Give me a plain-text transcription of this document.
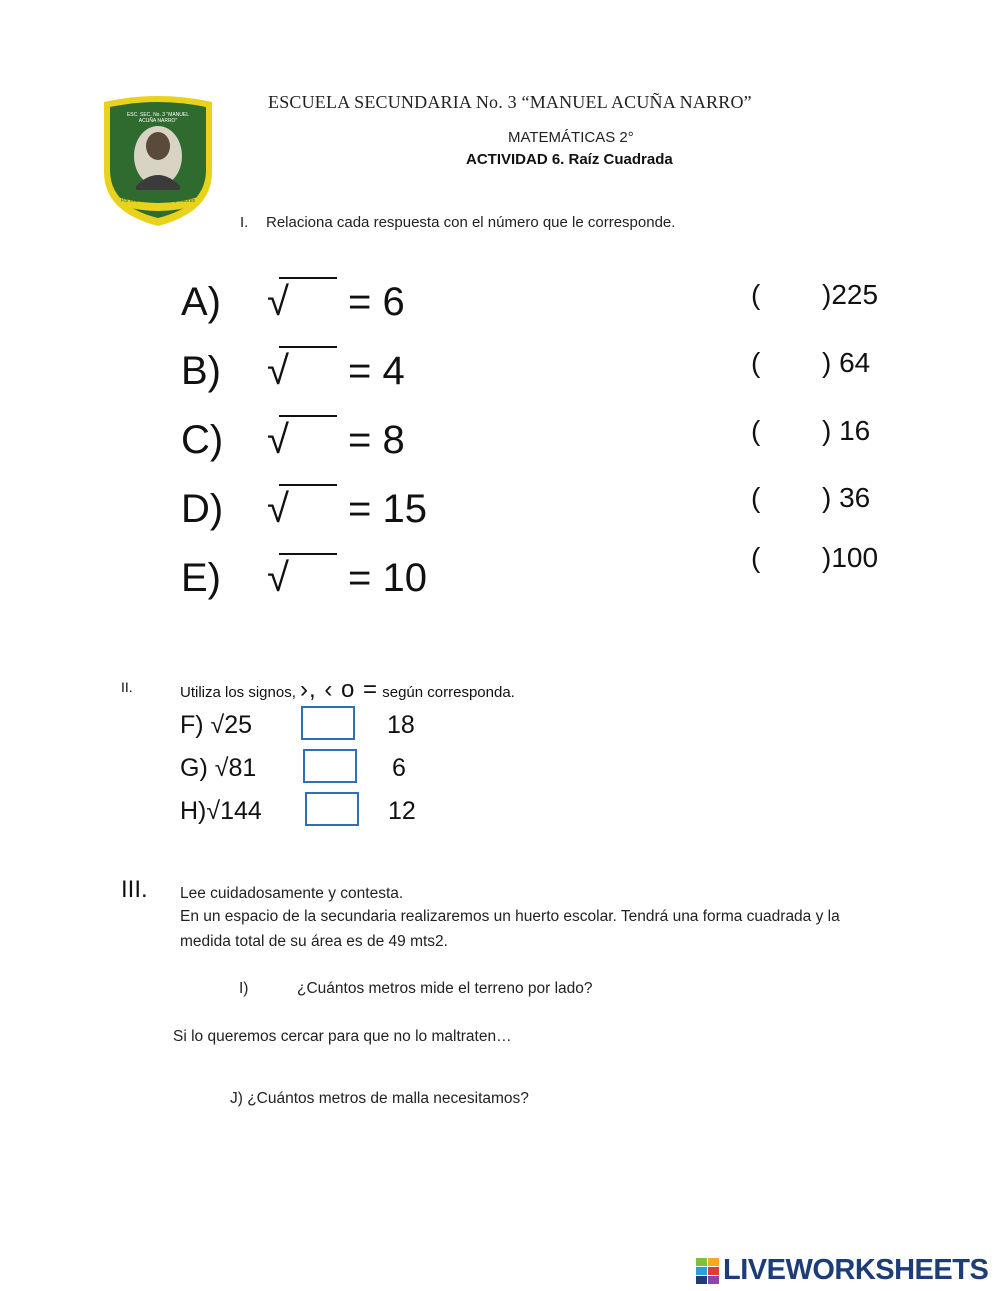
ESC. SEC. No. 3 "MANUEL ACUÑA NARRO"
Por una cultura de ética y valores
ESCUELA SECUNDARIA No. 3 “MANUEL ACUÑA NARRO”
MATEMÁTICAS 2°
ACTIVIDAD 6. Raíz Cuadrada
I. Relaciona cada respuesta con el número que le corresponde.
A) √ = 6
B) √ = 4
C) √ = 8
D) √ = 15
E) √ = 10
( )225
( ) 64
( ) 16
( ) 36
( )100
II.	Utiliza los signos, ›, ‹ o = según corresponda.
F) √25	18
G) √81	6
H)√144	12
III. Lee cuidadosamente y contesta.
En un espacio de la secundaria realizaremos un huerto escolar. Tendrá una forma cuadrada y la medida total de su área es de 49 mts2.
I)	¿Cuántos metros mide el terreno por lado?
Si lo queremos cercar para que no lo maltraten…
J) ¿Cuántos metros de malla necesitamos?
LIVEWORKSHEETS
